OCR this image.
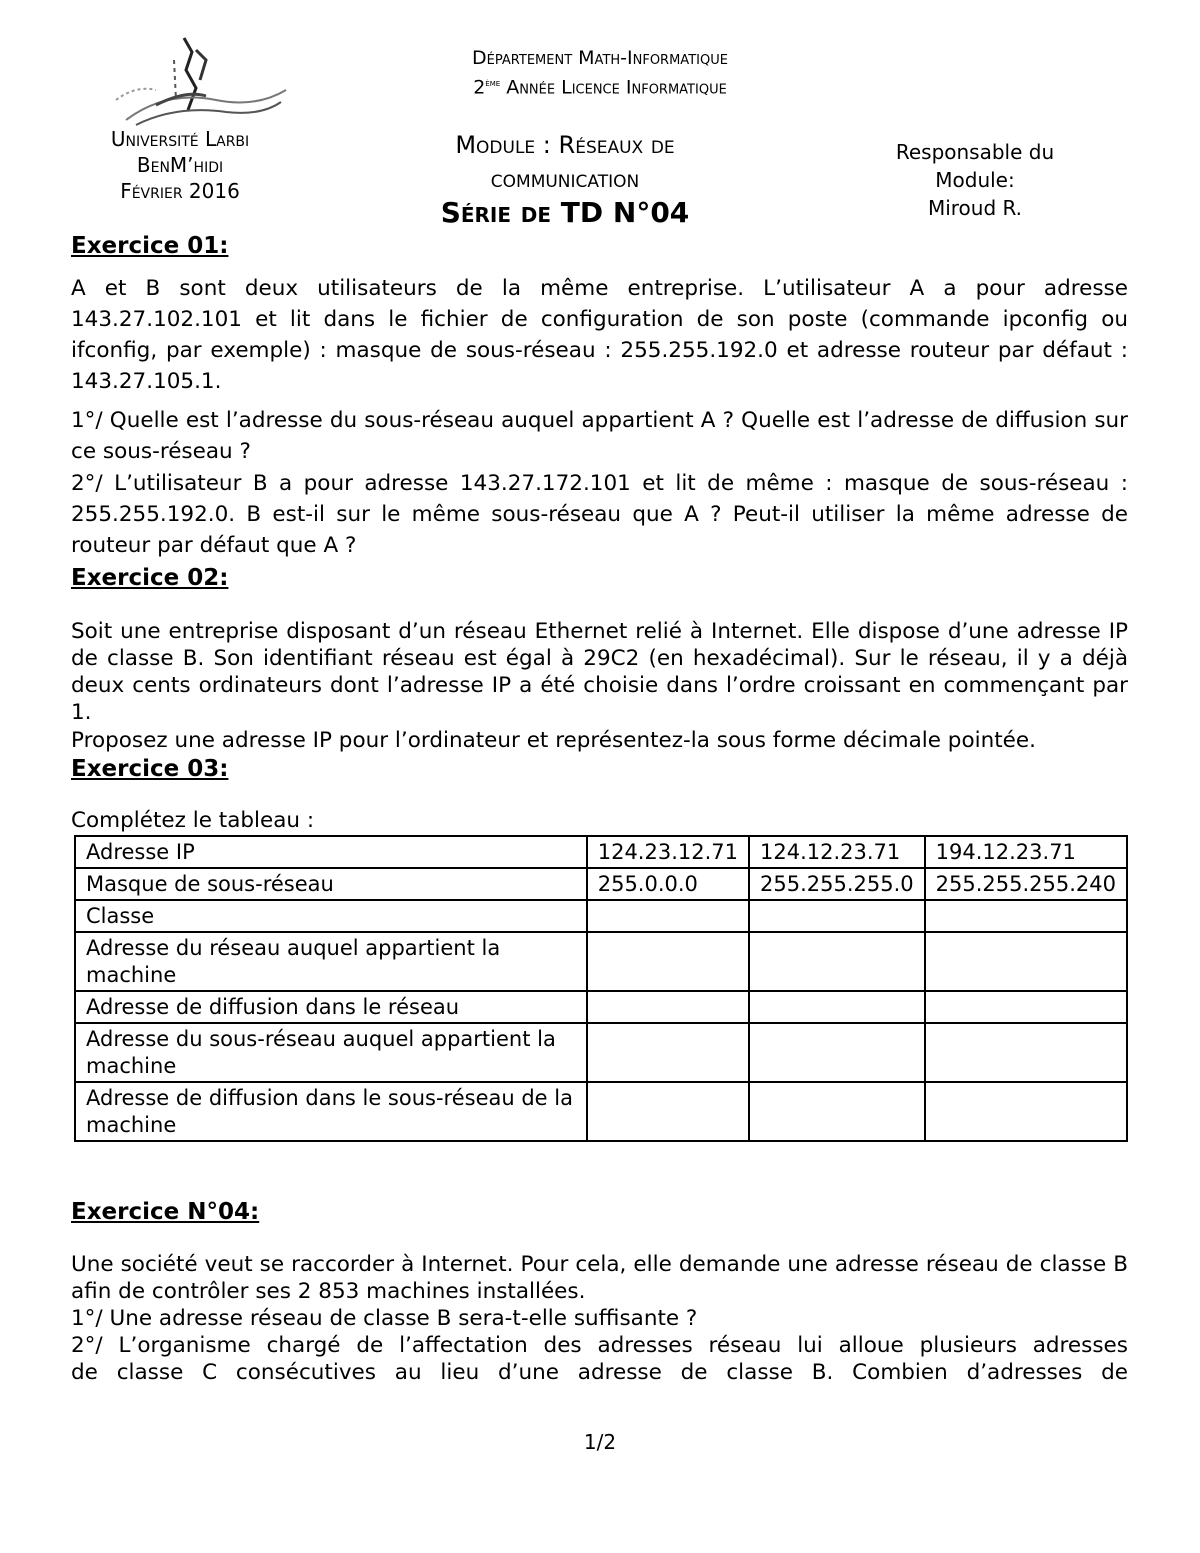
Université Larbi
BenM’hidi
Février 2016
Département Math-Informatique
2ème Année Licence Informatique
Module : Réseaux de
communication
Série de TD N°04
Responsable du
Module:
Miroud R.
Exercice 01:
A et B sont deux utilisateurs de la même entreprise. L’utilisateur A a pour adresse 143.27.102.101 et lit dans le fichier de configuration de son poste (commande ipconfig ou ifconfig, par exemple) : masque de sous-réseau : 255.255.192.0 et adresse routeur par défaut : 143.27.105.1.
1°/ Quelle est l’adresse du sous-réseau auquel appartient A ? Quelle est l’adresse de diffusion sur ce sous-réseau ?
2°/ L’utilisateur B a pour adresse 143.27.172.101 et lit de même : masque de sous-réseau : 255.255.192.0. B est-il sur le même sous-réseau que A ? Peut-il utiliser la même adresse de routeur par défaut que A ?
Exercice 02:
Soit une entreprise disposant d’un réseau Ethernet relié à Internet. Elle dispose d’une adresse IP de classe B. Son identifiant réseau est égal à 29C2 (en hexadécimal). Sur le réseau, il y a déjà deux cents ordinateurs dont l’adresse IP a été choisie dans l’ordre croissant en commençant par 1.
Proposez une adresse IP pour l’ordinateur et représentez-la sous forme décimale pointée.
Exercice 03:
Complétez le tableau :
Adresse IP	124.23.12.71	124.12.23.71	194.12.23.71
Masque de sous-réseau	255.0.0.0	255.255.255.0	255.255.255.240
Classe			
Adresse du réseau auquel appartient la machine			
Adresse de diffusion dans le réseau			
Adresse du sous-réseau auquel appartient la machine			
Adresse de diffusion dans le sous-réseau de la machine			
Exercice N°04:
Une société veut se raccorder à Internet. Pour cela, elle demande une adresse réseau de classe B afin de contrôler ses 2 853 machines installées.
1°/ Une adresse réseau de classe B sera-t-elle suffisante ?
2°/ L’organisme chargé de l’affectation des adresses réseau lui alloue plusieurs adresses
de classe C consécutives au lieu d’une adresse de classe B. Combien d’adresses de
1/2
